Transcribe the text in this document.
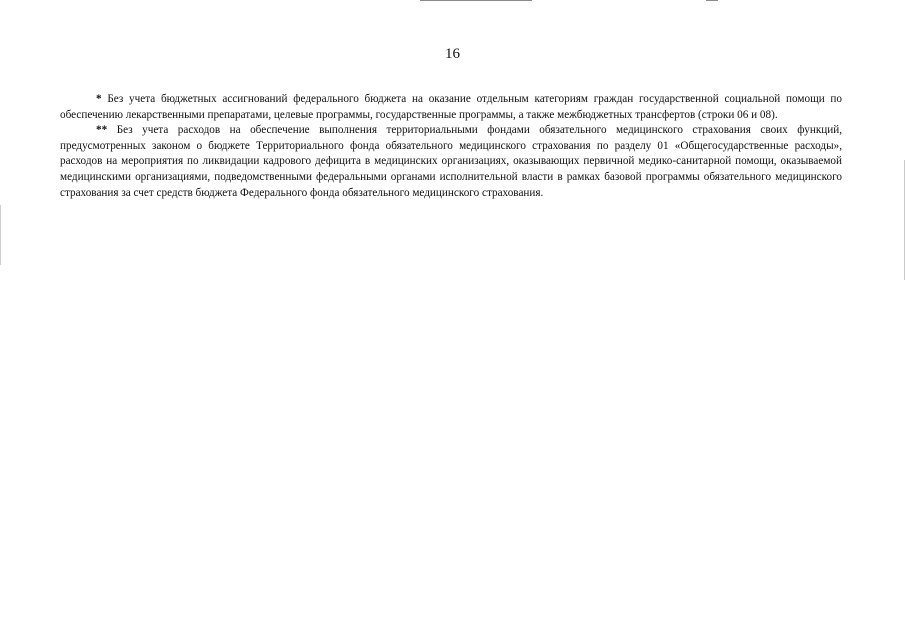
16

* Без учета бюджетных ассигнований федерального бюджета на оказание отдельным категориям граждан государственной социальной помощи по обеспечению лекарственными препаратами, целевые программы, государственные программы, а также межбюджетных трансфертов (строки 06 и 08).

** Без учета расходов на обеспечение выполнения территориальными фондами обязательного медицинского страхования своих функций, предусмотренных законом о бюджете Территориального фонда обязательного медицинского страхования по разделу 01 «Общегосударственные расходы», расходов на мероприятия по ликвидации кадрового дефицита в медицинских организациях, оказывающих первичной медико-санитарной помощи, оказываемой медицинскими организациями, подведомственными федеральными органами исполнительной власти в рамках базовой программы обязательного медицинского страхования за счет средств бюджета Федерального фонда обязательного медицинского страхования.
